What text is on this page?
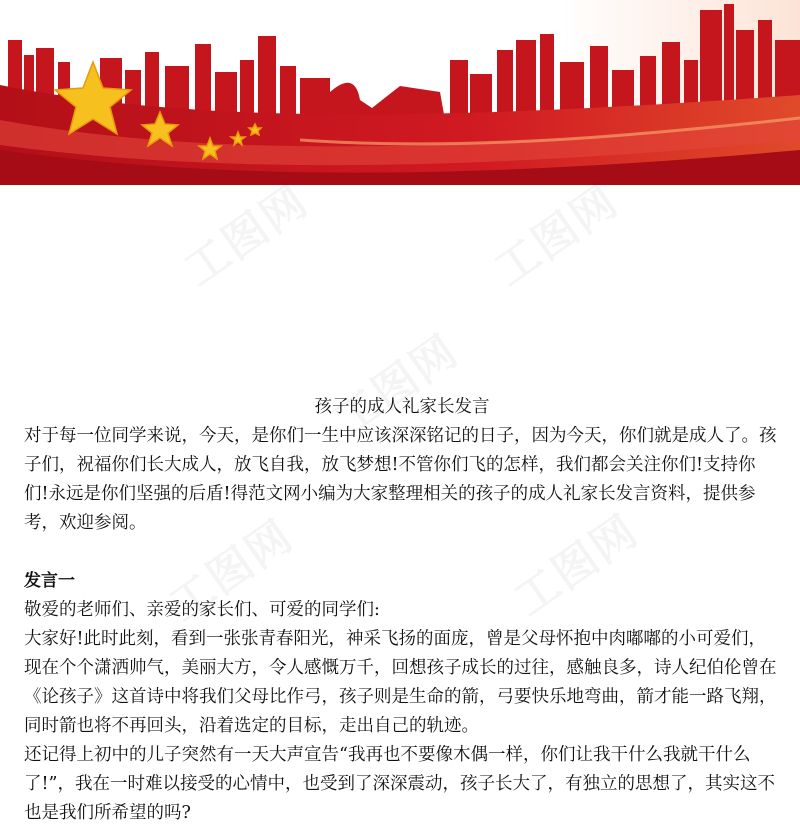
孩子的成人礼家长发言

对于每一位同学来说，今天，是你们一生中应该深深铭记的日子，因为今天，你们就是成人了。孩子们，祝福你们长大成人，放飞自我，放飞梦想!不管你们飞的怎样，我们都会关注你们!支持你们!永远是你们坚强的后盾!得范文网小编为大家整理相关的孩子的成人礼家长发言资料，提供参考，欢迎参阅。

发言一

敬爱的老师们、亲爱的家长们、可爱的同学们:

大家好!此时此刻，看到一张张青春阳光，神采飞扬的面庞，曾是父母怀抱中肉嘟嘟的小可爱们，现在个个潇洒帅气，美丽大方，令人感慨万千，回想孩子成长的过往，感触良多，诗人纪伯伦曾在《论孩子》这首诗中将我们父母比作弓，孩子则是生命的箭，弓要快乐地弯曲，箭才能一路飞翔，同时箭也将不再回头，沿着选定的目标，走出自己的轨迹。

还记得上初中的儿子突然有一天大声宣告“我再也不要像木偶一样，你们让我干什么我就干什么了!”，我在一时难以接受的心情中，也受到了深深震动，孩子长大了，有独立的思想了，其实这不也是我们所希望的吗?
